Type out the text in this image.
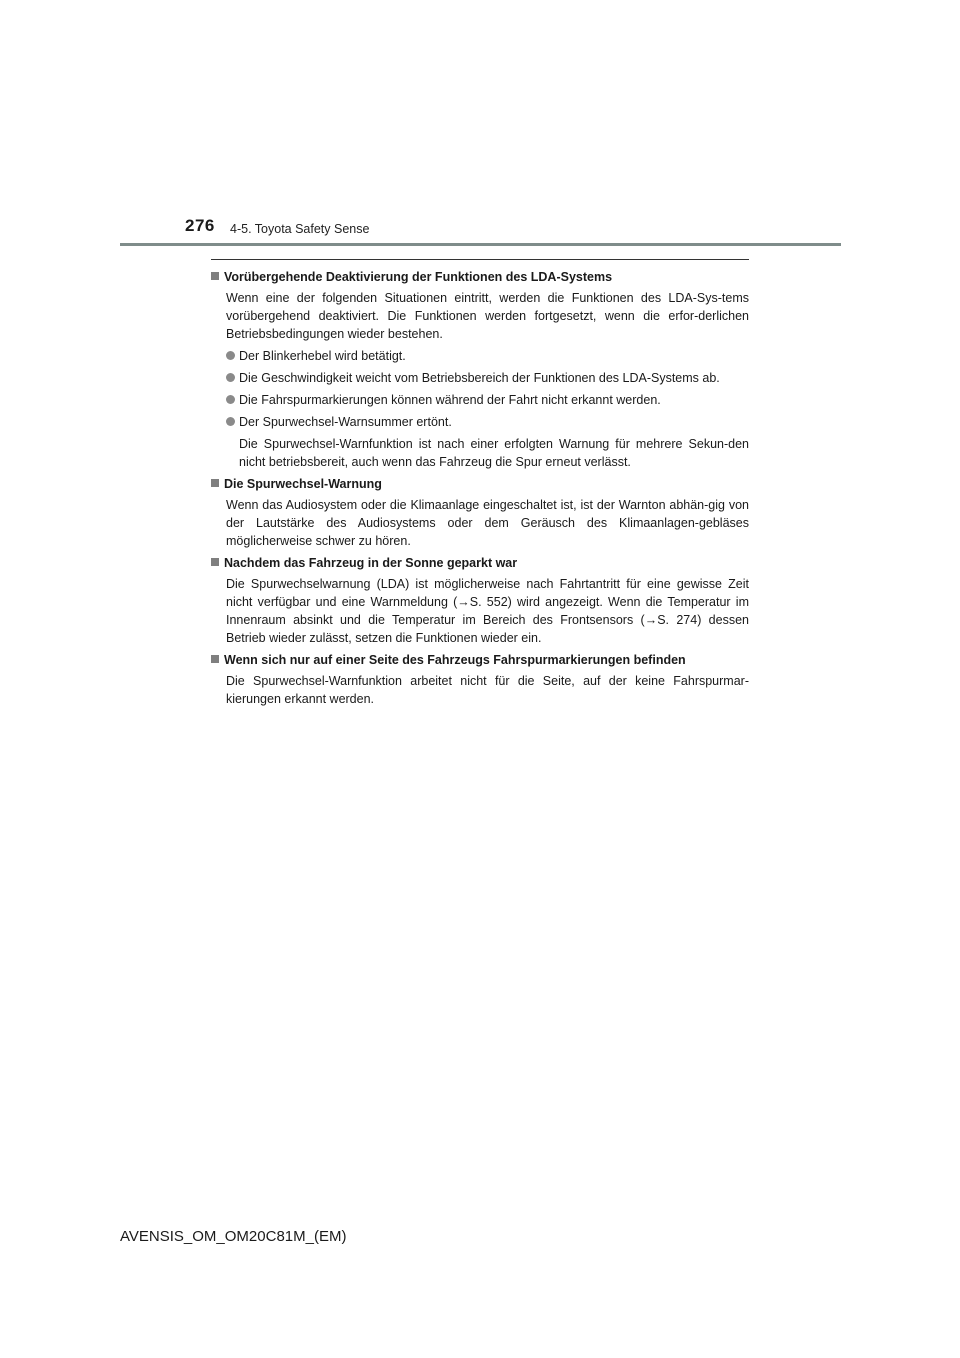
276 4-5. Toyota Safety Sense
Vorübergehende Deaktivierung der Funktionen des LDA-Systems
Wenn eine der folgenden Situationen eintritt, werden die Funktionen des LDA-Sys-tems vorübergehend deaktiviert. Die Funktionen werden fortgesetzt, wenn die erfor-derlichen Betriebsbedingungen wieder bestehen.
Der Blinkerhebel wird betätigt.
Die Geschwindigkeit weicht vom Betriebsbereich der Funktionen des LDA-Systems ab.
Die Fahrspurmarkierungen können während der Fahrt nicht erkannt werden.
Der Spurwechsel-Warnsummer ertönt.
Die Spurwechsel-Warnfunktion ist nach einer erfolgten Warnung für mehrere Sekun-den nicht betriebsbereit, auch wenn das Fahrzeug die Spur erneut verlässt.
Die Spurwechsel-Warnung
Wenn das Audiosystem oder die Klimaanlage eingeschaltet ist, ist der Warnton abhän-gig von der Lautstärke des Audiosystems oder dem Geräusch des Klimaanlagen-gebläses möglicherweise schwer zu hören.
Nachdem das Fahrzeug in der Sonne geparkt war
Die Spurwechselwarnung (LDA) ist möglicherweise nach Fahrtantritt für eine gewisse Zeit nicht verfügbar und eine Warnmeldung (→S. 552) wird angezeigt. Wenn die Temperatur im Innenraum absinkt und die Temperatur im Bereich des Frontsensors (→S. 274) dessen Betrieb wieder zulässt, setzen die Funktionen wieder ein.
Wenn sich nur auf einer Seite des Fahrzeugs Fahrspurmarkierungen befinden
Die Spurwechsel-Warnfunktion arbeitet nicht für die Seite, auf der keine Fahrspurmar-kierungen erkannt werden.
AVENSIS_OM_OM20C81M_(EM)
